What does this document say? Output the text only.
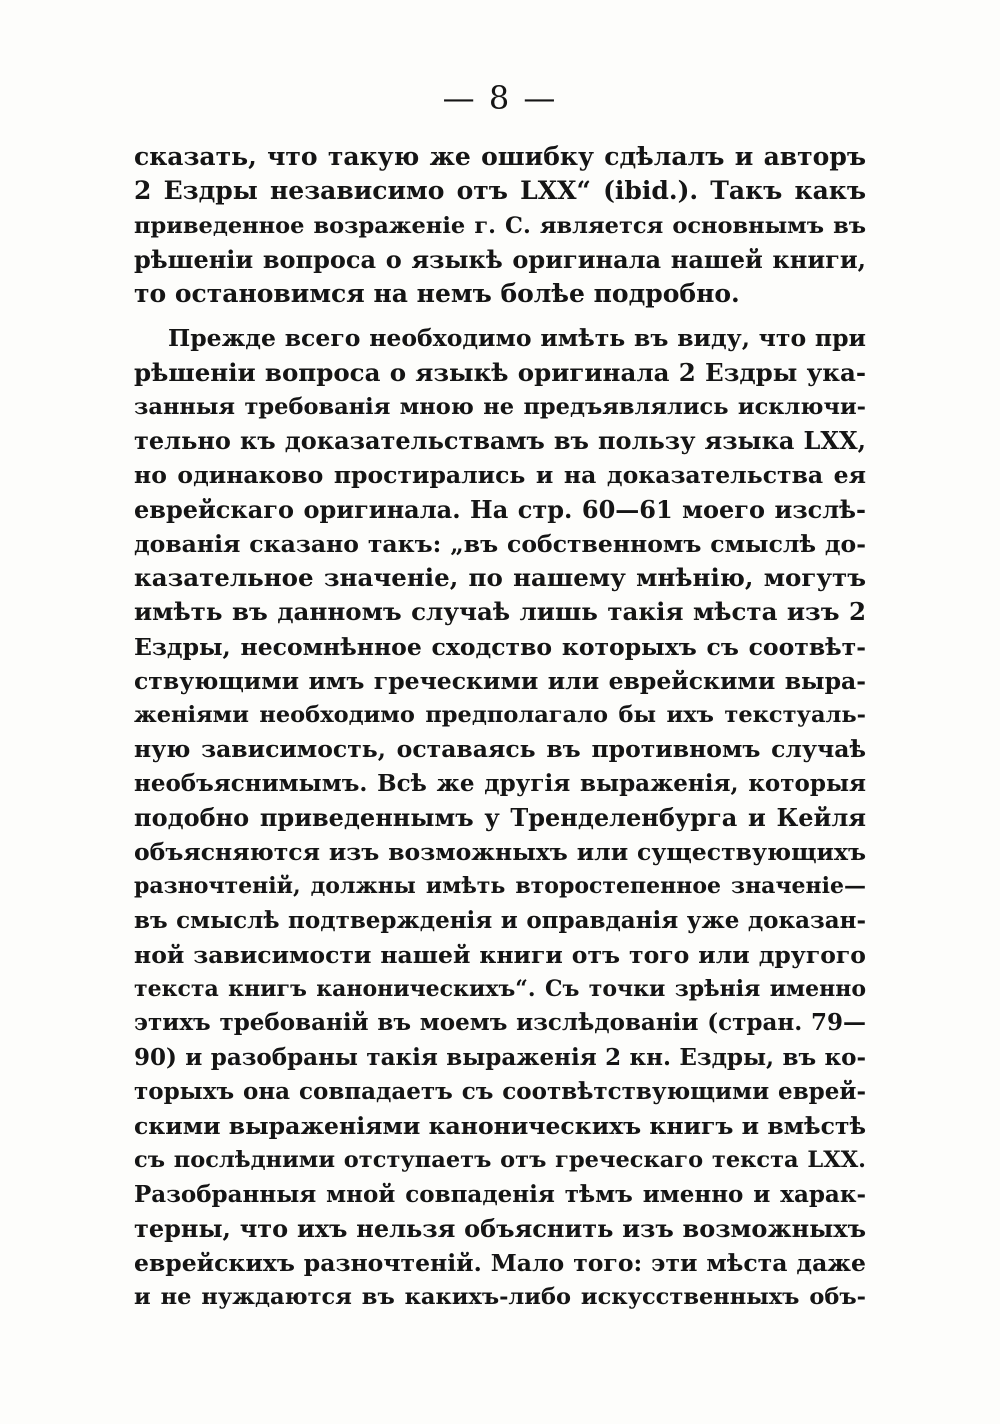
— 8 —
сказать, что такую же ошибку сдѣлалъ и авторъ
2 Ездры независимо отъ LXX“ (ibid.). Такъ какъ
приведенное возраженіе г. С. является основнымъ въ
рѣшеніи вопроса о языкѣ оригинала нашей книги,
то остановимся на немъ болѣе подробно.
Прежде всего необходимо имѣть въ виду, что при
рѣшеніи вопроса о языкѣ оригинала 2 Ездры ука-
занныя требованія мною не предъявлялись исключи-
тельно къ доказательствамъ въ пользу языка LXX,
но одинаково простирались и на доказательства ея
еврейскаго оригинала. На стр. 60—61 моего изслѣ-
дованія сказано такъ: „въ собственномъ смыслѣ до-
казательное значеніе, по нашему мнѣнію, могутъ
имѣть въ данномъ случаѣ лишь такія мѣста изъ 2
Ездры, несомнѣнное сходство которыхъ съ соотвѣт-
ствующими имъ греческими или еврейскими выра-
женіями необходимо предполагало бы ихъ текстуаль-
ную зависимость, оставаясь въ противномъ случаѣ
необъяснимымъ. Всѣ же другія выраженія, которыя
подобно приведеннымъ у Тренделенбурга и Кейля
объясняются изъ возможныхъ или существующихъ
разночтеній, должны имѣть второстепенное значеніе—
въ смыслѣ подтвержденія и оправданія уже доказан-
ной зависимости нашей книги отъ того или другого
текста книгъ каноническихъ“. Съ точки зрѣнія именно
этихъ требованій въ моемъ изслѣдованіи (стран. 79—
90) и разобраны такія выраженія 2 кн. Ездры, въ ко-
торыхъ она совпадаетъ съ соотвѣтствующими еврей-
скими выраженіями каноническихъ книгъ и вмѣстѣ
съ послѣдними отступаетъ отъ греческаго текста LXX.
Разобранныя мной совпаденія тѣмъ именно и харак-
терны, что ихъ нельзя объяснить изъ возможныхъ
еврейскихъ разночтеній. Мало того: эти мѣста даже
и не нуждаются въ какихъ-либо искусственныхъ объ-
